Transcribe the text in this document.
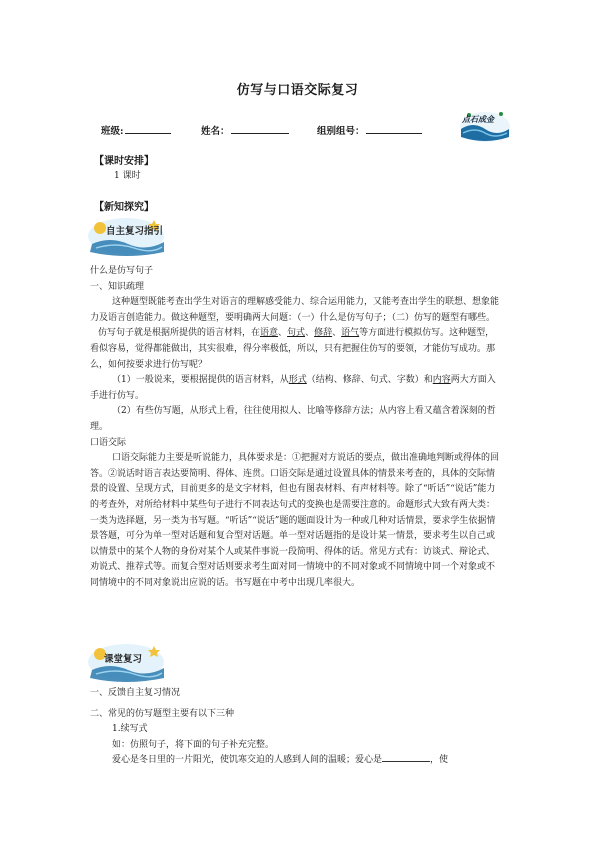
仿写与口语交际复习
班级:	姓名：	组别组号：
点石成金
【课时安排】
1 课时
【新知探究】
自主复习指引

什么是仿写句子

一、知识疏理

这种题型既能考查出学生对语言的理解感受能力、综合运用能力，又能考查出学生的联想、想象能力及语言创造能力。做这种题型，要明确两大问题：（一）什么是仿写句子；（二）仿写的题型有哪些。

仿写句子就是根据所提供的语言材料，在语意、句式、修辞、语气等方面进行模拟仿写。这种题型，看似容易，觉得都能做出，其实很难，得分率极低，所以，只有把握住仿写的要领，才能仿写成功。那么，如何按要求进行仿写呢？

（1）一般说来，要根据提供的语言材料，从形式（结构、修辞、句式、字数）和内容两大方面入手进行仿写。

（2）有些仿写题，从形式上看，往往使用拟人、比喻等修辞方法；从内容上看又蕴含着深刻的哲理。

口语交际

口语交际能力主要是听说能力，具体要求是：①把握对方说话的要点，做出准确地判断或得体的回答。②说话时语言表达要简明、得体、连贯。口语交际是通过设置具体的情景来考查的，具体的交际情景的设置、呈现方式，目前更多的是文字材料，但也有图表材料、有声材料等。除了“听话”“说话”能力的考查外，对所给材料中某些句子进行不同表达句式的变换也是需要注意的。命题形式大致有两大类：一类为选择题，另一类为书写题。“听话”“说话”题的题面设计为一种或几种对话情景，要求学生依据情景答题，可分为单一型对话题和复合型对话题。单一型对话题指的是设计某一情景，要求考生以自己或以情景中的某个人物的身份对某个人或某件事说一段简明、得体的话。常见方式有：访谈式、辩论式、劝说式、推荐式等。而复合型对话则要求考生面对同一情境中的不同对象或不同情境中同一个对象或不同情境中的不同对象说出应说的话。书写题在中考中出现几率很大。

课堂复习

一、反馈自主复习情况

二、常见的仿写题型主要有以下三种

1.续写式

如：仿照句子，将下面的句子补充完整。

爱心是冬日里的一片阳光，使饥寒交迫的人感到人间的温暖；爱心是	，使
